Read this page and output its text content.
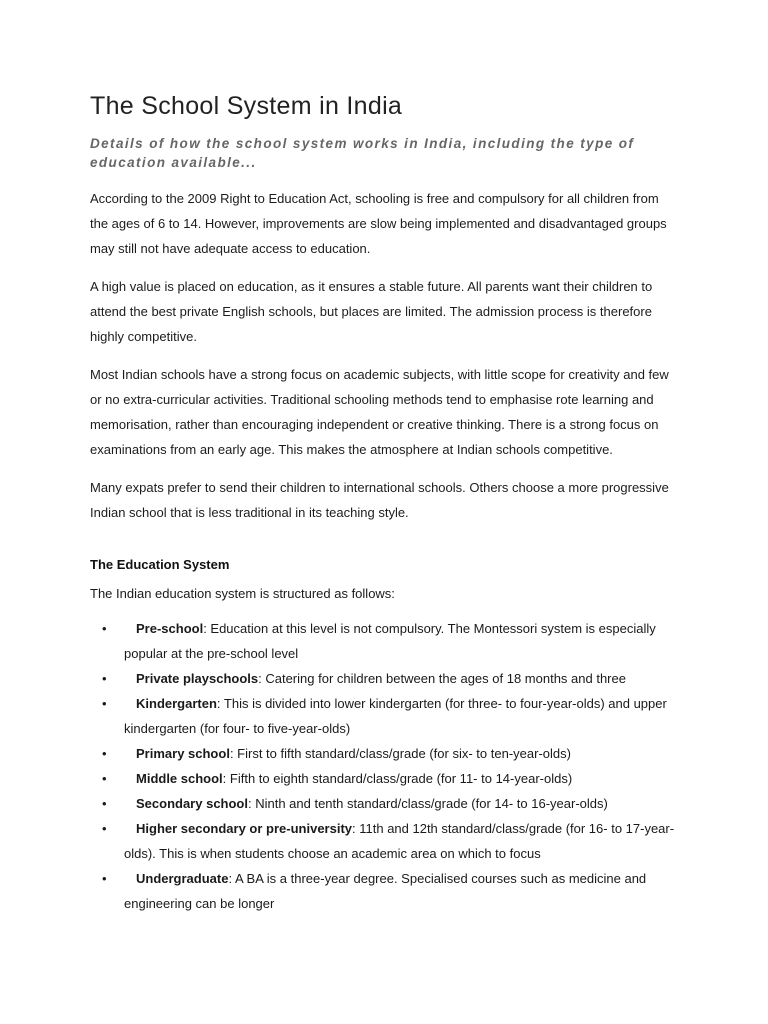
The School System in India

Details of how the school system works in India, including the type of education available...

According to the 2009 Right to Education Act, schooling is free and compulsory for all children from the ages of 6 to 14. However, improvements are slow being implemented and disadvantaged groups may still not have adequate access to education.

A high value is placed on education, as it ensures a stable future. All parents want their children to attend the best private English schools, but places are limited. The admission process is therefore highly competitive.

Most Indian schools have a strong focus on academic subjects, with little scope for creativity and few or no extra-curricular activities. Traditional schooling methods tend to emphasise rote learning and memorisation, rather than encouraging independent or creative thinking. There is a strong focus on examinations from an early age. This makes the atmosphere at Indian schools competitive.

Many expats prefer to send their children to international schools. Others choose a more progressive Indian school that is less traditional in its teaching style.

The Education System

The Indian education system is structured as follows:

•	Pre-school: Education at this level is not compulsory. The Montessori system is especially popular at the pre-school level
•	Private playschools: Catering for children between the ages of 18 months and three
•	Kindergarten: This is divided into lower kindergarten (for three- to four-year-olds) and upper kindergarten (for four- to five-year-olds)
•	Primary school: First to fifth standard/class/grade (for six- to ten-year-olds)
•	Middle school: Fifth to eighth standard/class/grade (for 11- to 14-year-olds)
•	Secondary school: Ninth and tenth standard/class/grade (for 14- to 16-year-olds)
•	Higher secondary or pre-university: 11th and 12th standard/class/grade (for 16- to 17-year-olds). This is when students choose an academic area on which to focus
•	Undergraduate: A BA is a three-year degree. Specialised courses such as medicine and engineering can be longer
